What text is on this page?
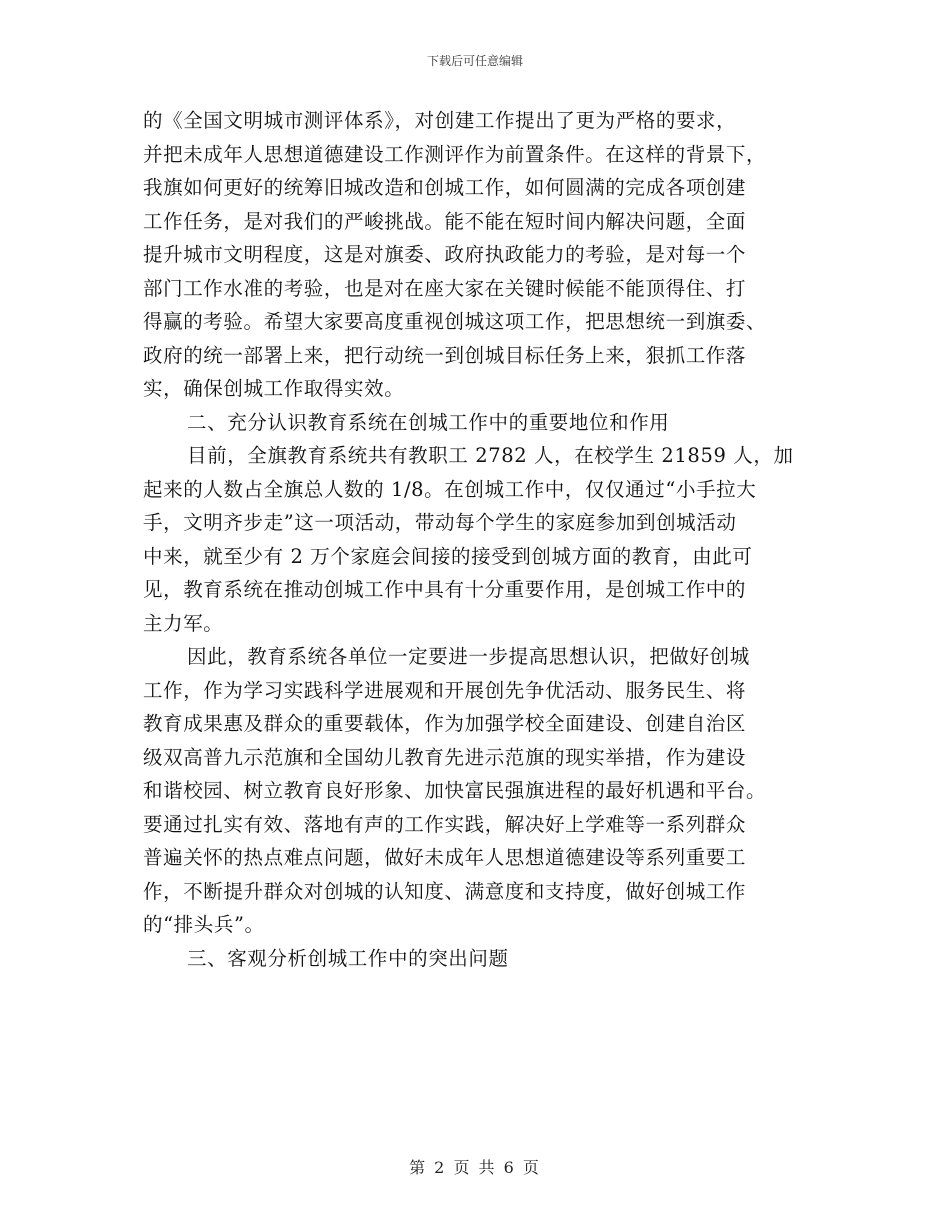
下载后可任意编辑
的《全国文明城市测评体系》，对创建工作提出了更为严格的要求，
并把未成年人思想道德建设工作测评作为前置条件。在这样的背景下，
我旗如何更好的统筹旧城改造和创城工作，如何圆满的完成各项创建
工作任务，是对我们的严峻挑战。能不能在短时间内解决问题，全面
提升城市文明程度，这是对旗委、政府执政能力的考验，是对每一个
部门工作水准的考验，也是对在座大家在关键时候能不能顶得住、打
得赢的考验。希望大家要高度重视创城这项工作，把思想统一到旗委、
政府的统一部署上来，把行动统一到创城目标任务上来，狠抓工作落
实，确保创城工作取得实效。
二、充分认识教育系统在创城工作中的重要地位和作用
目前，全旗教育系统共有教职工 2782 人，在校学生 21859 人，加
起来的人数占全旗总人数的 1/8。在创城工作中，仅仅通过“小手拉大
手，文明齐步走”这一项活动，带动每个学生的家庭参加到创城活动
中来，就至少有 2 万个家庭会间接的接受到创城方面的教育，由此可
见，教育系统在推动创城工作中具有十分重要作用，是创城工作中的
主力军。
因此，教育系统各单位一定要进一步提高思想认识，把做好创城
工作，作为学习实践科学进展观和开展创先争优活动、服务民生、将
教育成果惠及群众的重要载体，作为加强学校全面建设、创建自治区
级双高普九示范旗和全国幼儿教育先进示范旗的现实举措，作为建设
和谐校园、树立教育良好形象、加快富民强旗进程的最好机遇和平台。
要通过扎实有效、落地有声的工作实践，解决好上学难等一系列群众
普遍关怀的热点难点问题，做好未成年人思想道德建设等系列重要工
作，不断提升群众对创城的认知度、满意度和支持度，做好创城工作
的“排头兵”。
三、客观分析创城工作中的突出问题
第 2 页 共 6 页
